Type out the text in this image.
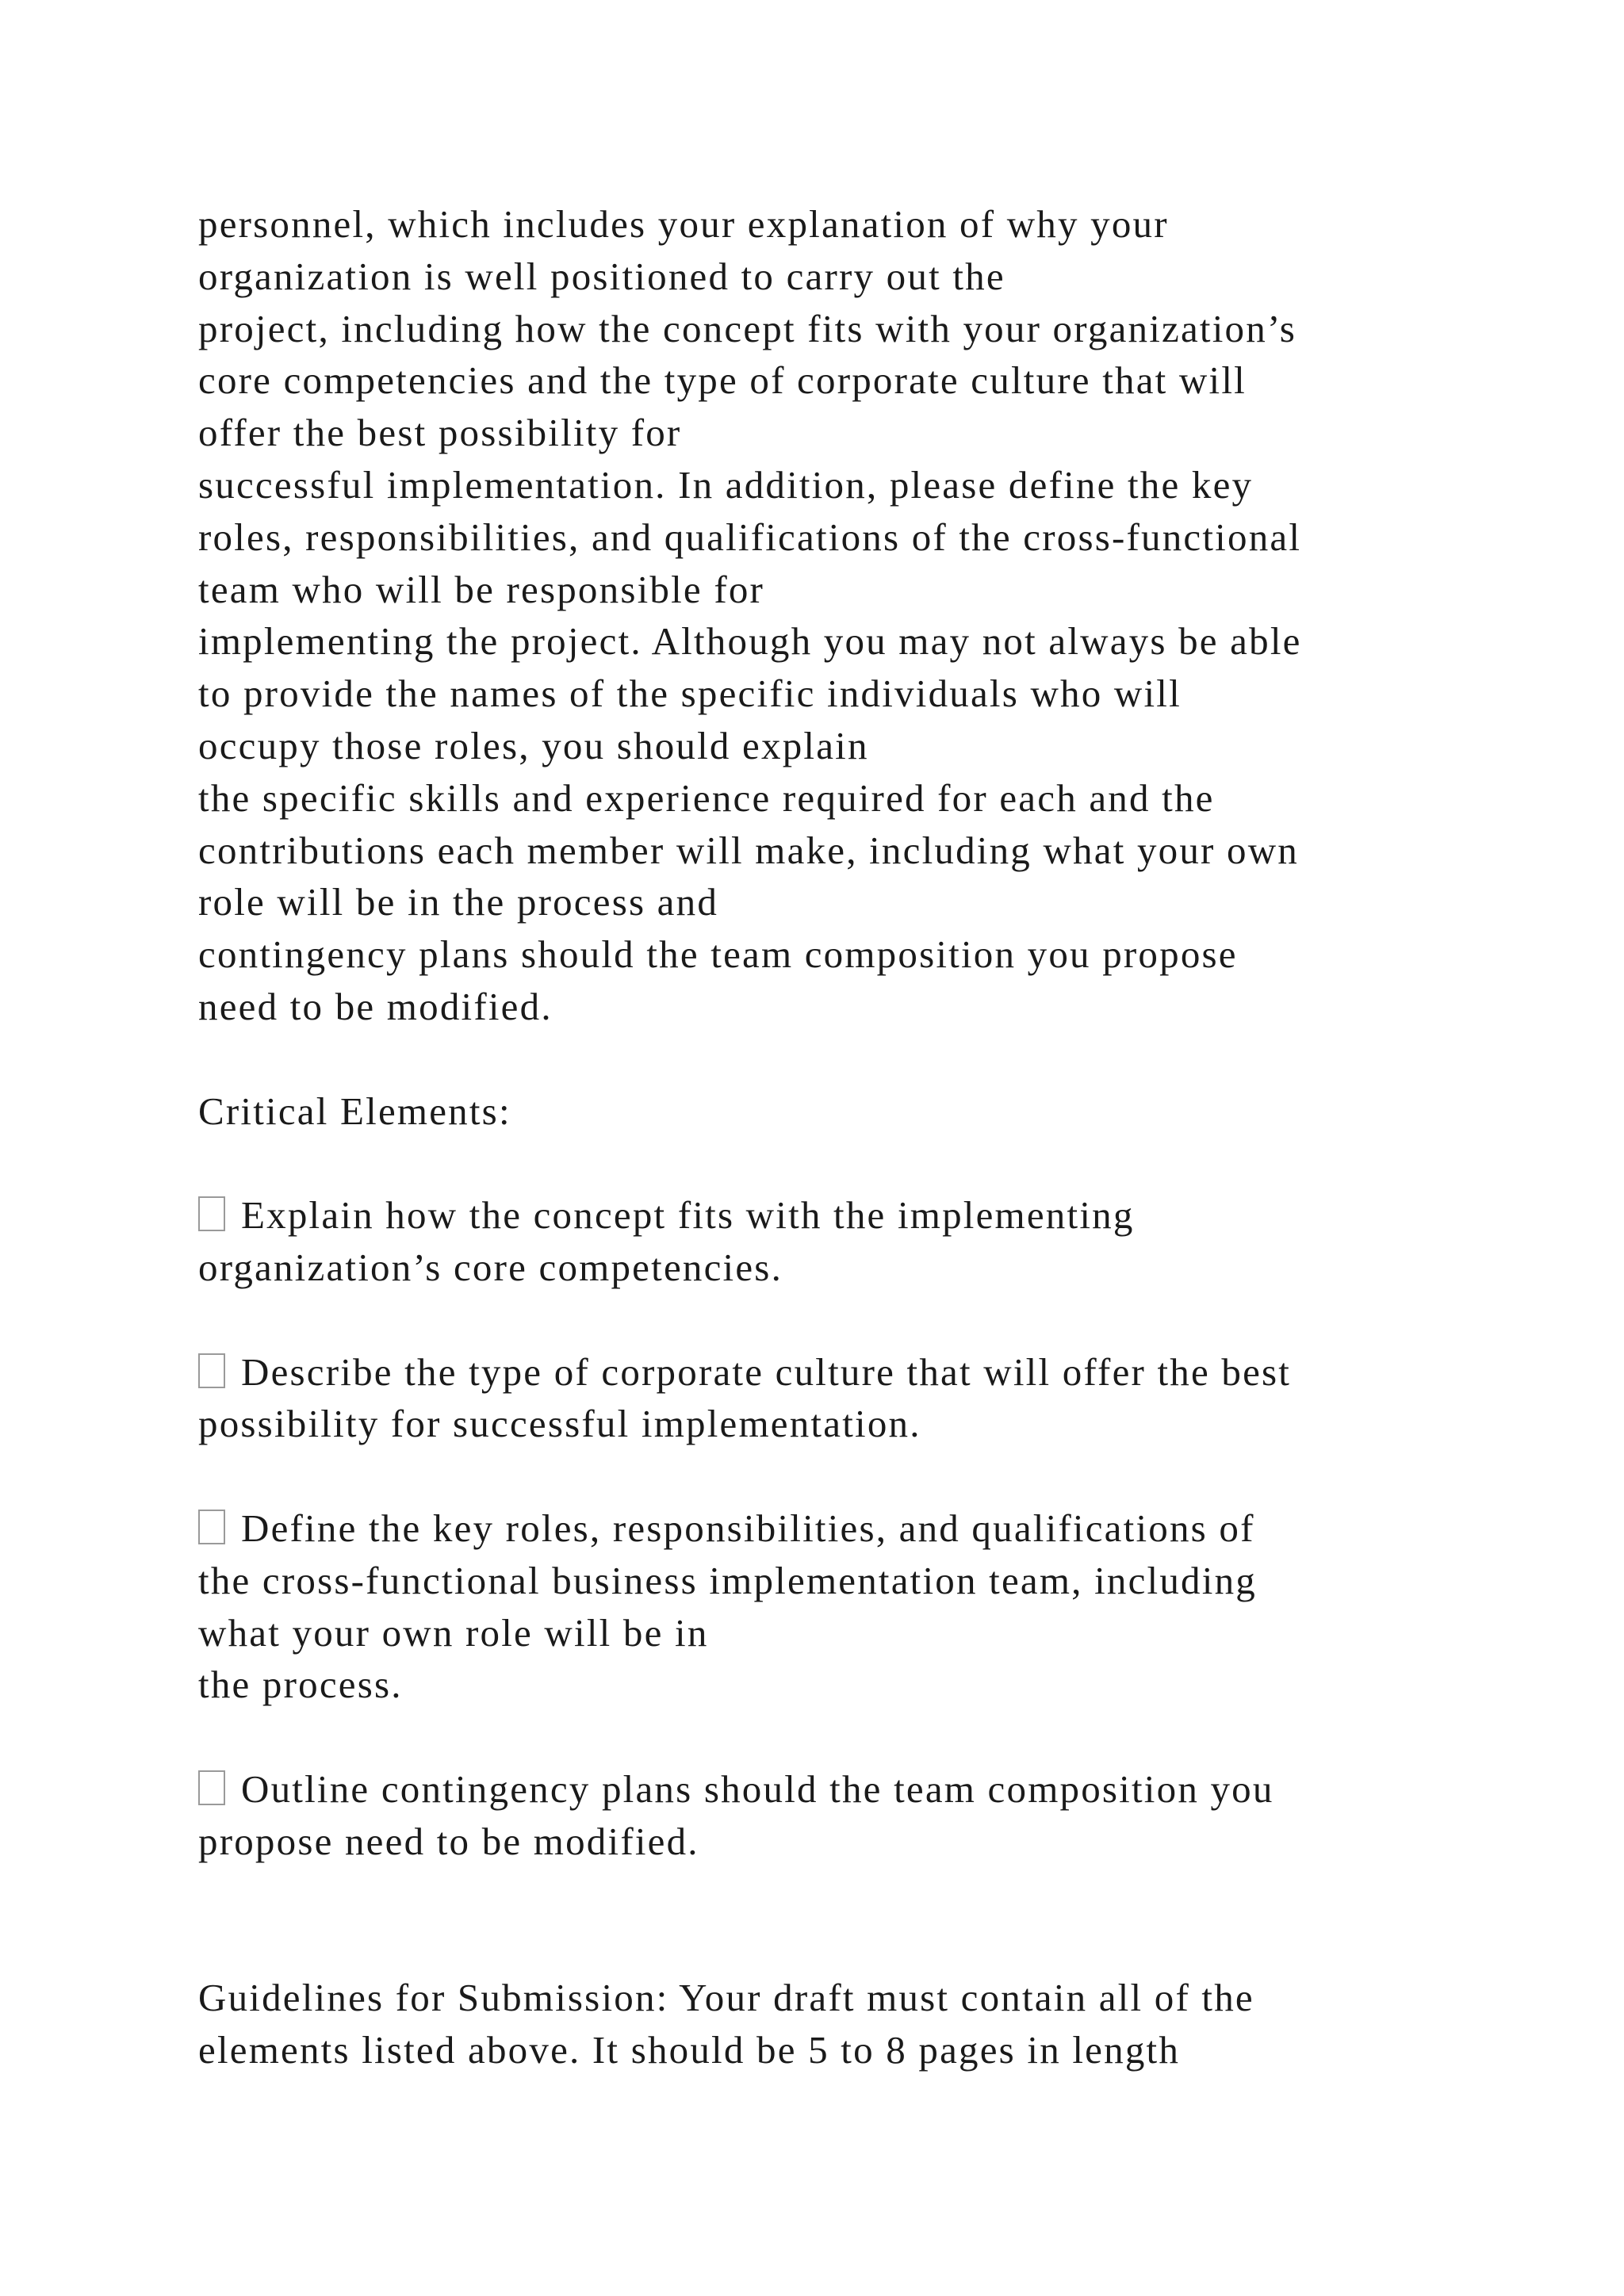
personnel, which includes your explanation of why your
organization is well positioned to carry out the
project, including how the concept fits with your organization’s
core competencies and the type of corporate culture that will
offer the best possibility for
successful implementation. In addition, please define the key
roles, responsibilities, and qualifications of the cross-functional
team who will be responsible for
implementing the project. Although you may not always be able
to provide the names of the specific individuals who will
occupy those roles, you should explain
the specific skills and experience required for each and the
contributions each member will make, including what your own
role will be in the process and
contingency plans should the team composition you propose
need to be modified.
Critical Elements:
Explain how the concept fits with the implementing
organization’s core competencies.
Describe the type of corporate culture that will offer the best
possibility for successful implementation.
Define the key roles, responsibilities, and qualifications of
the cross-functional business implementation team, including
what your own role will be in
the process.
Outline contingency plans should the team composition you
propose need to be modified.
Guidelines for Submission: Your draft must contain all of the
elements listed above. It should be 5 to 8 pages in length
